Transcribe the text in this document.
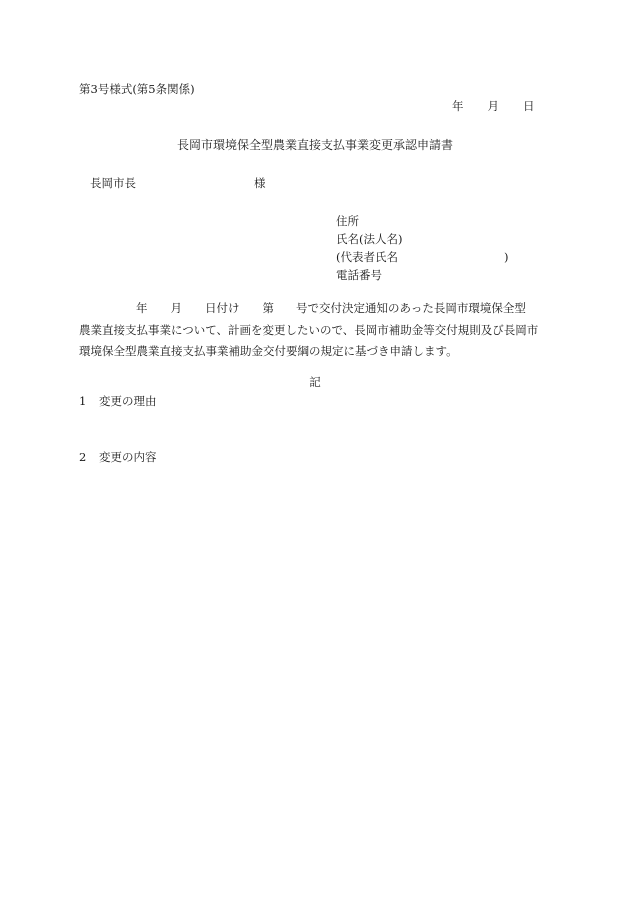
第3号様式(第5条関係)
年 月 日
長岡市環境保全型農業直接支払事業変更承認申請書
長岡市長	様
住所
氏名(法人名)
(代表者氏名	)
電話番号
年 月 日付け 第 号で交付決定通知のあった長岡市環境保全型
農業直接支払事業について、計画を変更したいので、長岡市補助金等交付規則及び長岡市
環境保全型農業直接支払事業補助金交付要綱の規定に基づき申請します。
記
1 変更の理由
2 変更の内容
